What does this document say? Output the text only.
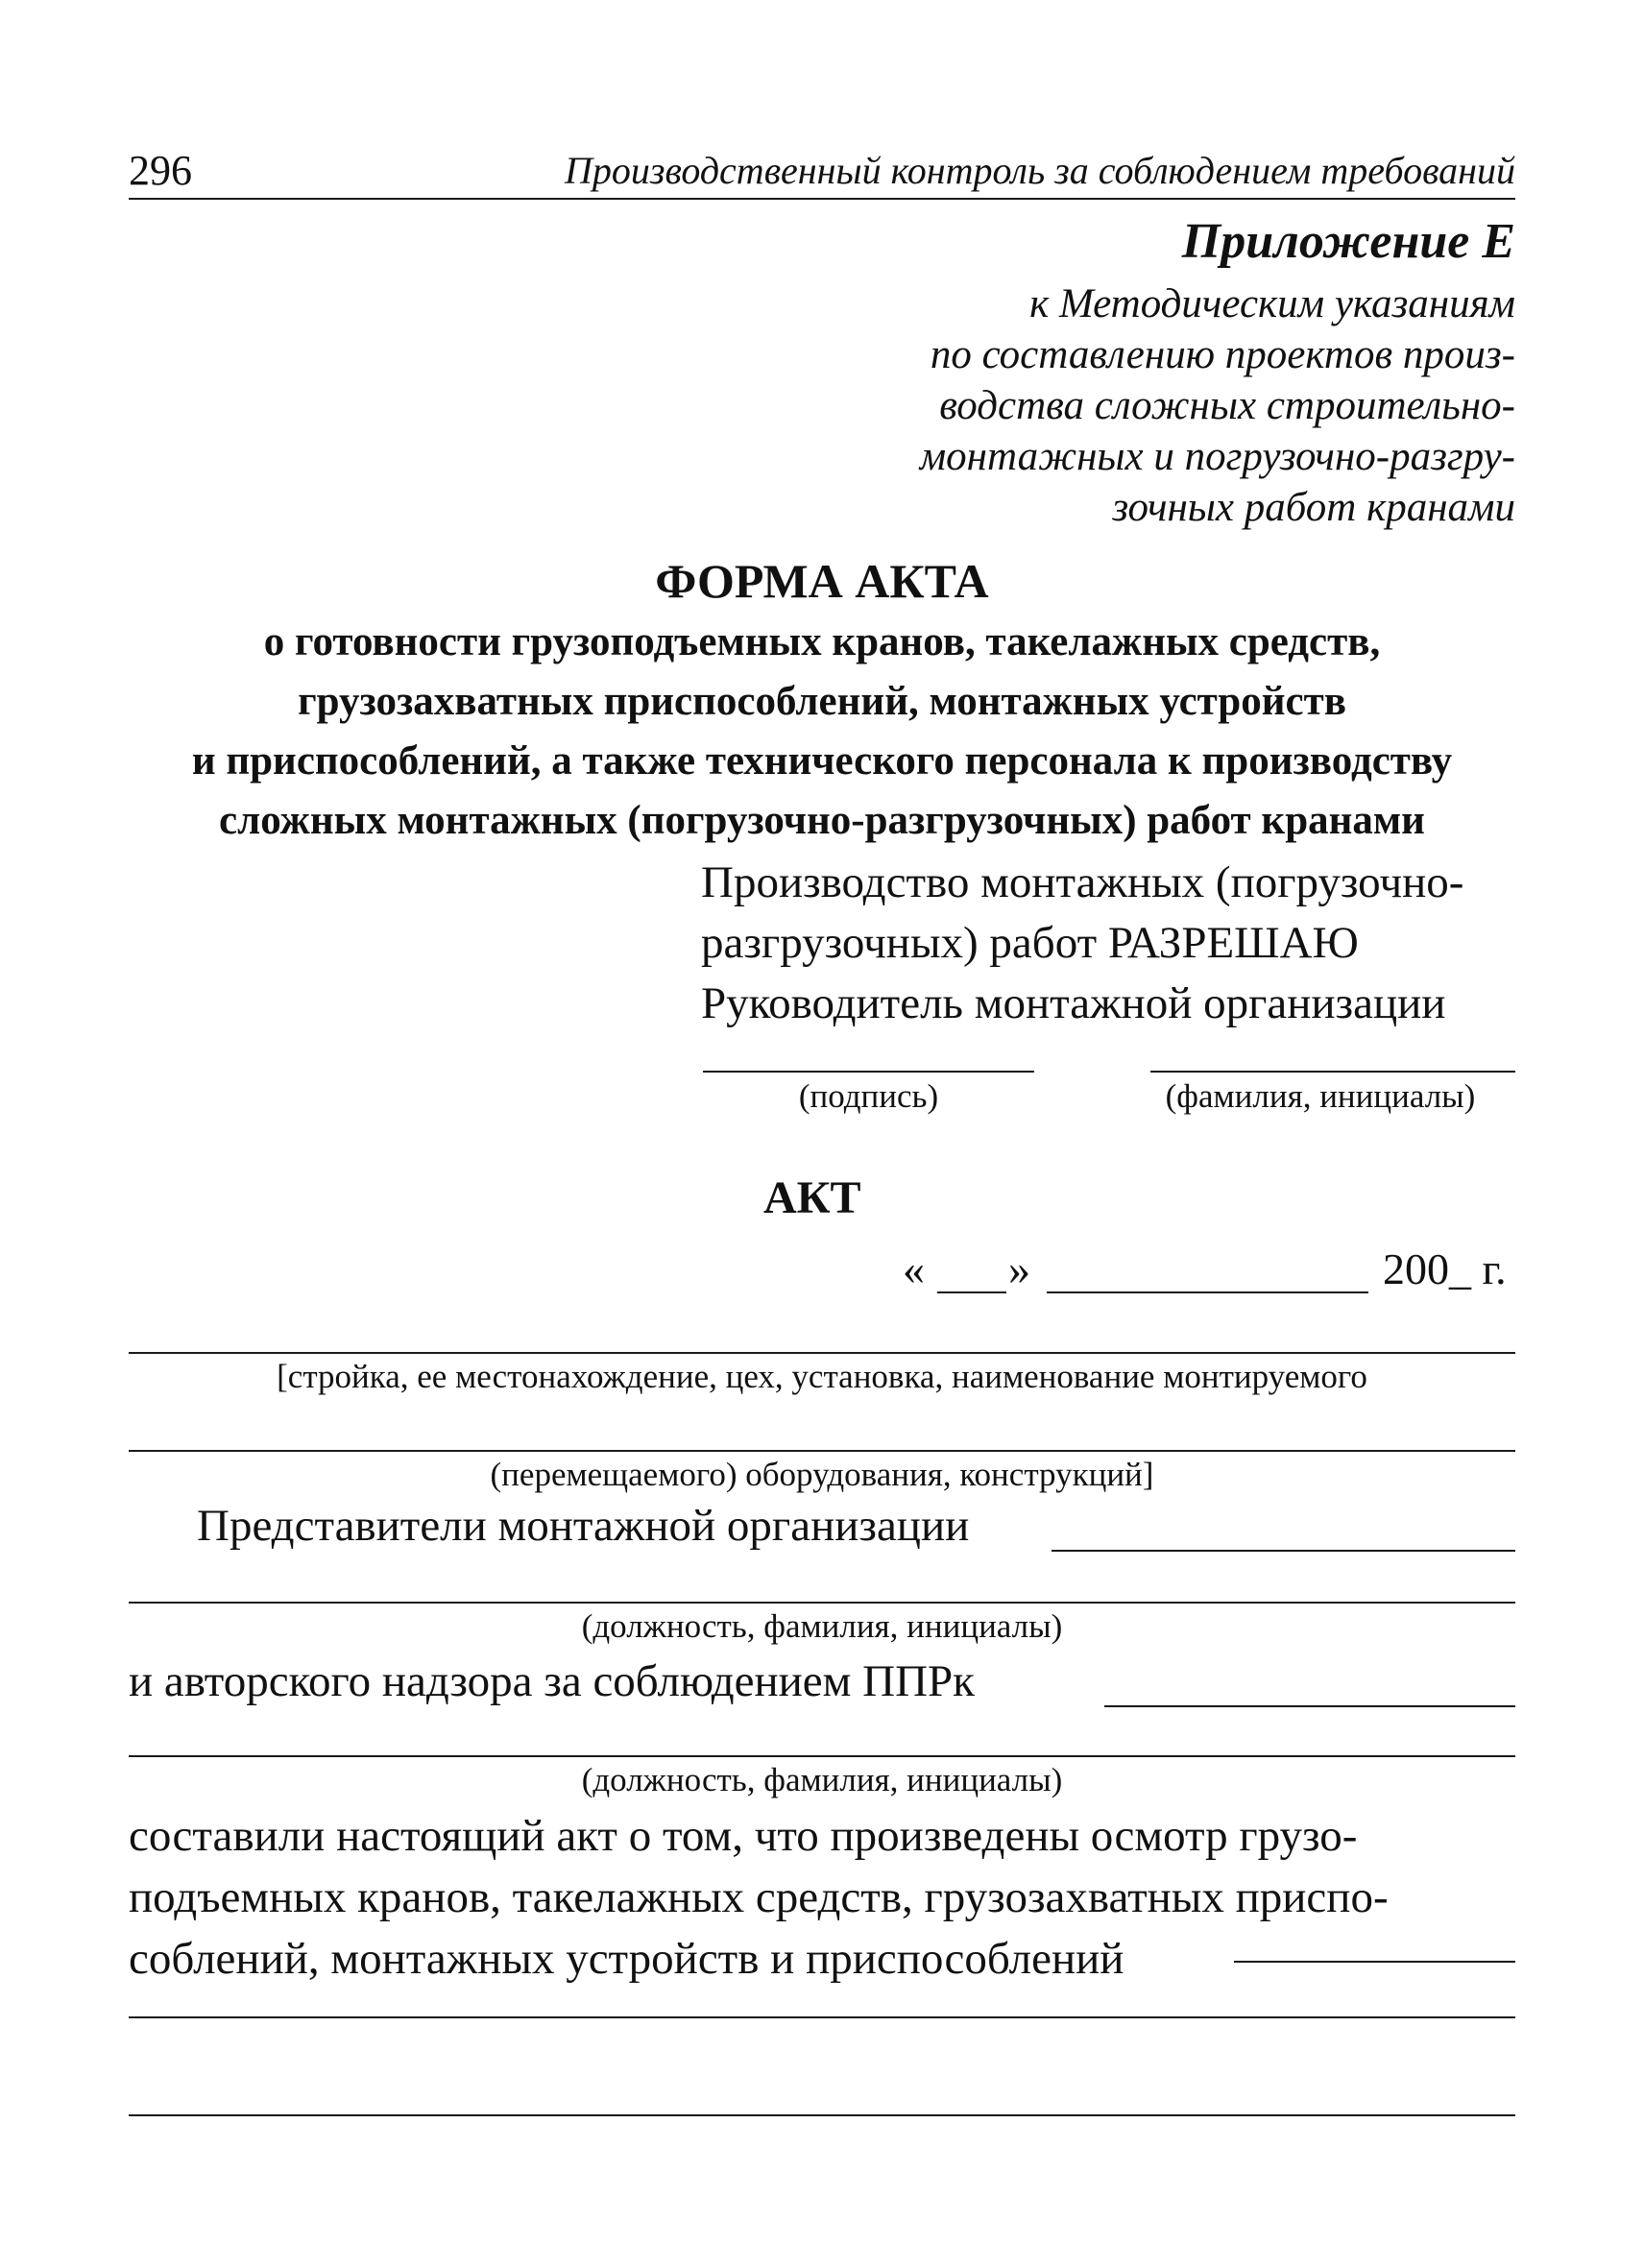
296	Производственный контроль за соблюдением требований
Приложение Е
к Методическим указаниям
по составлению проектов произ-
водства сложных строительно-
монтажных и погрузочно-разгру-
зочных работ кранами
ФОРМА АКТА
о готовности грузоподъемных кранов, такелажных средств,
грузозахватных приспособлений, монтажных устройств
и приспособлений, а также технического персонала к производству
сложных монтажных (погрузочно-разгрузочных) работ кранами
Производство монтажных (погрузочно-
разгрузочных) работ РАЗРЕШАЮ
Руководитель монтажной организации
(подпись)	(фамилия, инициалы)
АКТ
« »	200_ г.
[стройка, ее местонахождение, цех, установка, наименование монтируемого
(перемещаемого) оборудования, конструкций]
Представители монтажной организации
(должность, фамилия, инициалы)
и авторского надзора за соблюдением ППРк
(должность, фамилия, инициалы)
составили настоящий акт о том, что произведены осмотр грузо-
подъемных кранов, такелажных средств, грузозахватных приспо-
соблений, монтажных устройств и приспособлений
